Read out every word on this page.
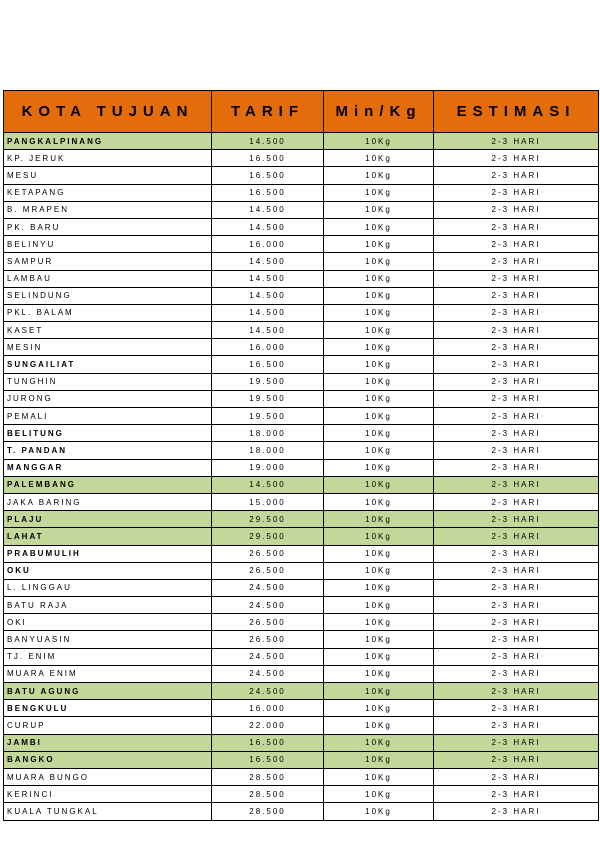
KOTA TUJUAN	TARIF	Min/Kg	ESTIMASI
PANGKALPINANG	14.500	10Kg	2-3 HARI
KP. JERUK	16.500	10Kg	2-3 HARI
MESU	16.500	10Kg	2-3 HARI
KETAPANG	16.500	10Kg	2-3 HARI
B. MRAPEN	14.500	10Kg	2-3 HARI
PK. BARU	14.500	10Kg	2-3 HARI
BELINYU	16.000	10Kg	2-3 HARI
SAMPUR	14.500	10Kg	2-3 HARI
LAMBAU	14.500	10Kg	2-3 HARI
SELINDUNG	14.500	10Kg	2-3 HARI
PKL. BALAM	14.500	10Kg	2-3 HARI
KASET	14.500	10Kg	2-3 HARI
MESIN	16.000	10Kg	2-3 HARI
SUNGAILIAT	16.500	10Kg	2-3 HARI
TUNGHIN	19.500	10Kg	2-3 HARI
JURONG	19.500	10Kg	2-3 HARI
PEMALI	19.500	10Kg	2-3 HARI
BELITUNG	18.000	10Kg	2-3 HARI
T. PANDAN	18.000	10Kg	2-3 HARI
MANGGAR	19.000	10Kg	2-3 HARI
PALEMBANG	14.500	10Kg	2-3 HARI
JAKA BARING	15.000	10Kg	2-3 HARI
PLAJU	29.500	10Kg	2-3 HARI
LAHAT	29.500	10Kg	2-3 HARI
PRABUMULIH	26.500	10Kg	2-3 HARI
OKU	26.500	10Kg	2-3 HARI
L. LINGGAU	24.500	10Kg	2-3 HARI
BATU RAJA	24.500	10Kg	2-3 HARI
OKI	26.500	10Kg	2-3 HARI
BANYUASIN	26.500	10Kg	2-3 HARI
TJ. ENIM	24.500	10Kg	2-3 HARI
MUARA ENIM	24.500	10Kg	2-3 HARI
BATU AGUNG	24.500	10Kg	2-3 HARI
BENGKULU	16.000	10Kg	2-3 HARI
CURUP	22.000	10Kg	2-3 HARI
JAMBI	16.500	10Kg	2-3 HARI
BANGKO	16.500	10Kg	2-3 HARI
MUARA BUNGO	28.500	10Kg	2-3 HARI
KERINCI	28.500	10Kg	2-3 HARI
KUALA TUNGKAL	28.500	10Kg	2-3 HARI
